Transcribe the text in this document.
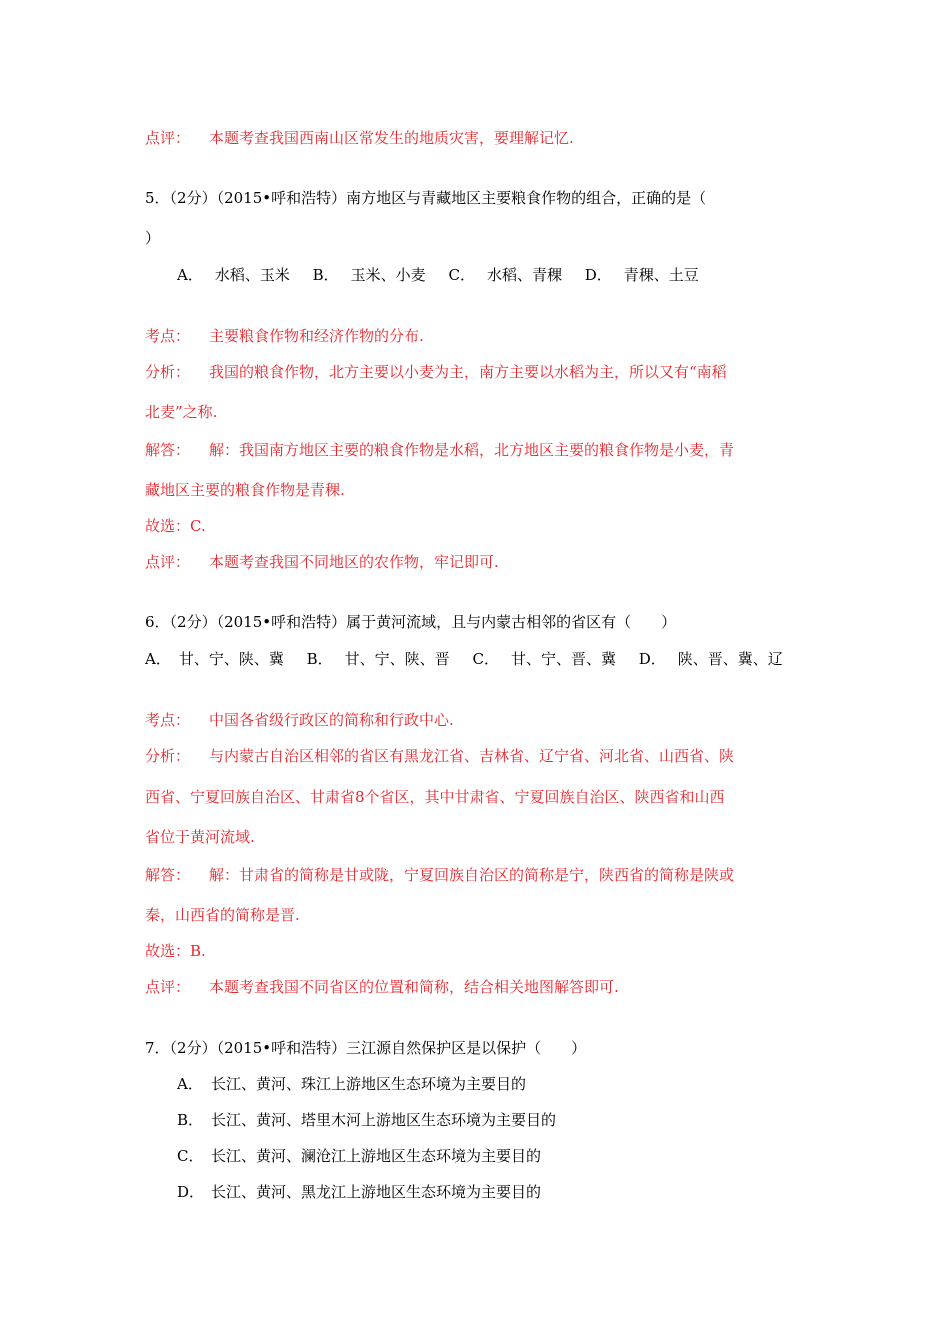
点评： 本题考查我国西南山区常发生的地质灾害，要理解记忆.
5．（2分）（2015•呼和浩特）南方地区与青藏地区主要粮食作物的组合，正确的是（
）
A． 水稻、玉米 B． 玉米、小麦 C． 水稻、青稞 D． 青稞、土豆
考点： 主要粮食作物和经济作物的分布.
分析： 我国的粮食作物，北方主要以小麦为主，南方主要以水稻为主，所以又有“南稻
北麦”之称.
解答： 解：我国南方地区主要的粮食作物是水稻，北方地区主要的粮食作物是小麦，青
藏地区主要的粮食作物是青稞.
故选：C.
点评： 本题考查我国不同地区的农作物，牢记即可.
6．（2分）（2015•呼和浩特）属于黄河流域，且与内蒙古相邻的省区有（　　）
A． 甘、宁、陕、冀 B． 甘、宁、陕、晋 C． 甘、宁、晋、冀 D． 陕、晋、冀、辽
考点： 中国各省级行政区的简称和行政中心.
分析： 与内蒙古自治区相邻的省区有黑龙江省、吉林省、辽宁省、河北省、山西省、陕
西省、宁夏回族自治区、甘肃省8个省区，其中甘肃省、宁夏回族自治区、陕西省和山西
省位于黄河流域.
解答： 解：甘肃省的简称是甘或陇，宁夏回族自治区的简称是宁，陕西省的简称是陕或
秦，山西省的简称是晋.
故选：B.
点评： 本题考查我国不同省区的位置和简称，结合相关地图解答即可.
7．（2分）（2015•呼和浩特）三江源自然保护区是以保护（　　）
A． 长江、黄河、珠江上游地区生态环境为主要目的
B． 长江、黄河、塔里木河上游地区生态环境为主要目的
C． 长江、黄河、澜沧江上游地区生态环境为主要目的
D． 长江、黄河、黑龙江上游地区生态环境为主要目的
